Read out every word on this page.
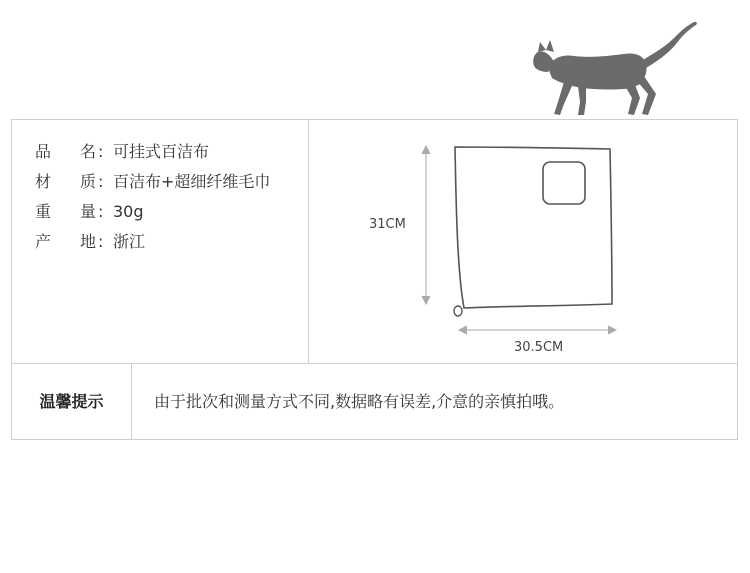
品 名 : 可挂式百洁布
材 质 : 百洁布+超细纤维毛巾
重 量 : 30g
产 地 : 浙江
31CM
30.5CM
温馨提示	由于批次和测量方式不同,数据略有误差,介意的亲慎拍哦。
